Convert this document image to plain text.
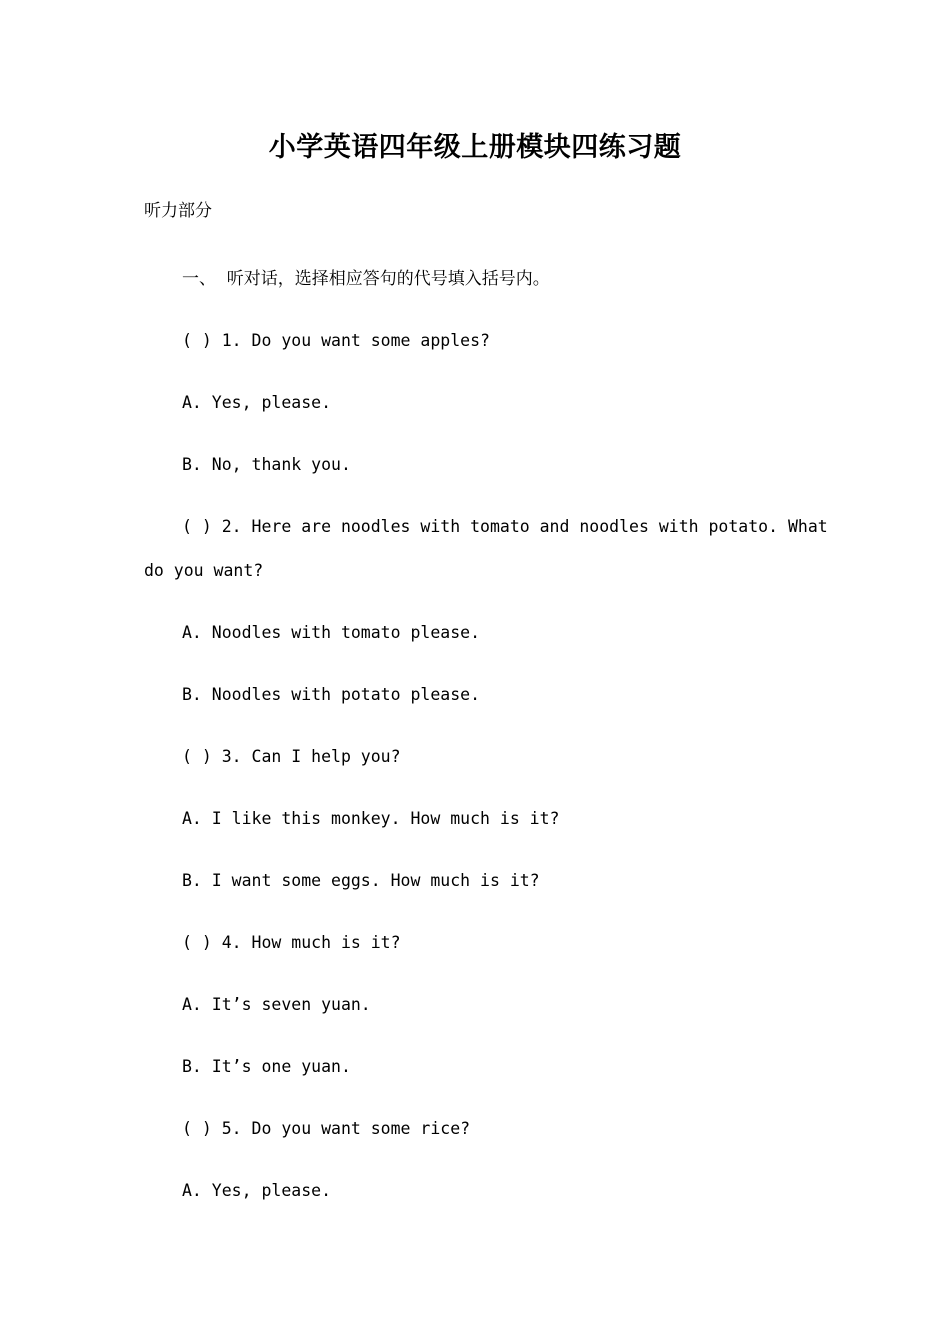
小学英语四年级上册模块四练习题
听力部分
一、  听对话，选择相应答句的代号填入括号内。
( ) 1. Do you want some apples?
A. Yes, please.
B. No, thank you.
( ) 2. Here are noodles with tomato and noodles with potato. What
do you want?
A. Noodles with tomato please.
B. Noodles with potato please.
( ) 3. Can I help you?
A. I like this monkey. How much is it?
B. I want some eggs. How much is it?
( ) 4. How much is it?
A. It’s seven yuan.
B. It’s one yuan.
( ) 5. Do you want some rice?
A. Yes, please.
